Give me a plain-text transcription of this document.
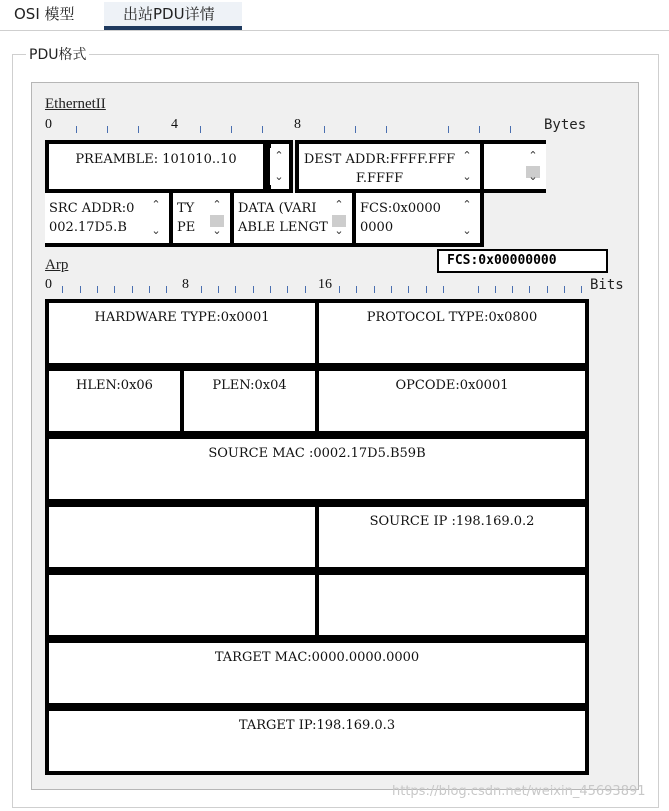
OSI 模型	出站PDU详情
PDU格式
EthernetII
0	4	8	Bytes
PREAMBLE: 101010..10	⌃
⌄
DEST ADDR:FFFF.FFF
F.FFFF
⌃
⌄
⌃
⌄
SRC ADDR:0
002.17D5.B
⌃
⌄
TY
PE
⌃
⌄
DATA (VARI
ABLE LENGT
⌃
⌄
FCS:0x0000
0000
⌃
⌄
Arp
0	8	16	Bits
HARDWARE TYPE:0x0001	PROTOCOL TYPE:0x0800
HLEN:0x06	PLEN:0x04	OPCODE:0x0001
SOURCE MAC :0002.17D5.B59B
SOURCE IP :198.169.0.2
TARGET MAC:0000.0000.0000
TARGET IP:198.169.0.3
FCS:0x00000000
https://blog.csdn.net/weixin_45693891
